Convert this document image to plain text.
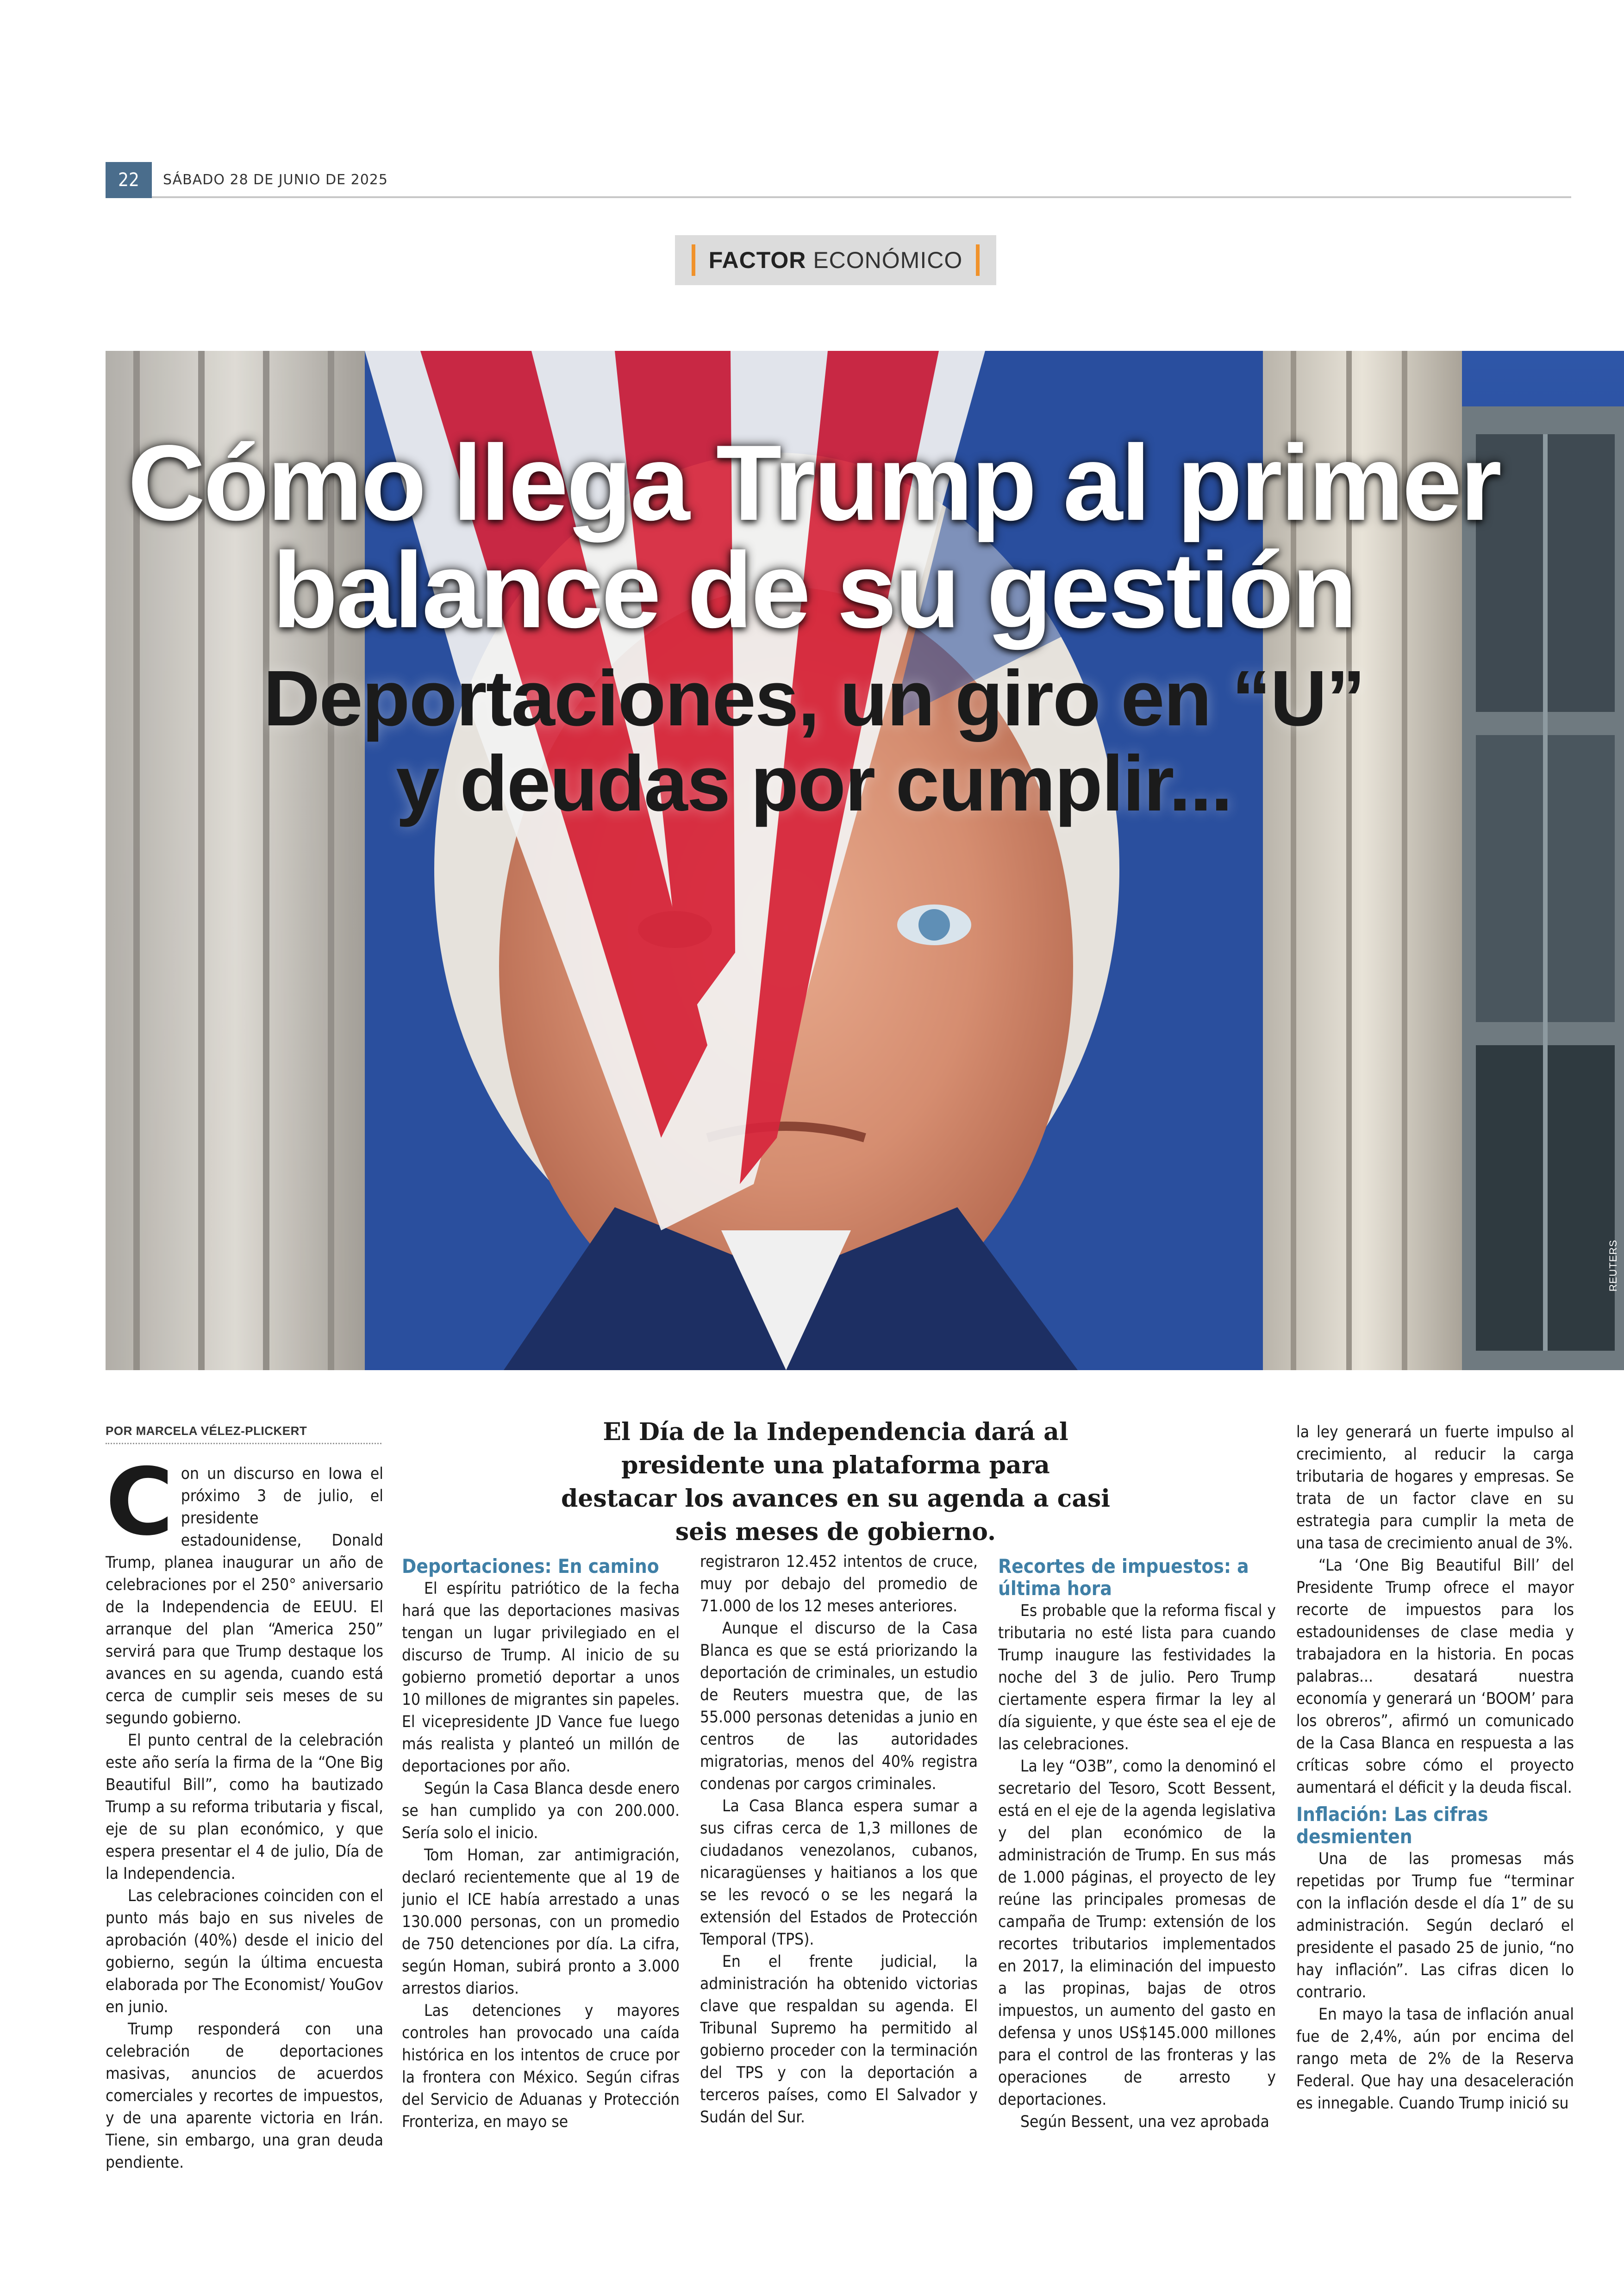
22	SÁBADO 28 DE JUNIO DE 2025
FACTOR ECONÓMICO
Cómo llega Trump al primer
balance de su gestión
Deportaciones, un giro en “U”
y deudas por cumplir...
REUTERS
POR MARCELA VÉLEZ-PLICKERT	El Día de la Independencia dará al presidente una plataforma para destacar los avances en su agenda a casi seis meses de gobierno.

Con un discurso en Iowa el próximo 3 de julio, el presidente estadounidense, Donald Trump, planea inaugurar un año de celebraciones por el 250° aniversario de la Independencia de EEUU. El arranque del plan “America 250” servirá para que Trump destaque los avances en su agenda, cuando está cerca de cumplir seis meses de su segundo gobierno.

El punto central de la celebración este año sería la firma de la “One Big Beautiful Bill”, como ha bautizado Trump a su reforma tributaria y fiscal, eje de su plan económico, y que espera presentar el 4 de julio, Día de la Independencia.

Las celebraciones coinciden con el punto más bajo en sus niveles de aprobación (40%) desde el inicio del gobierno, según la última encuesta elaborada por The Economist/ YouGov en junio.

Trump responderá con una celebración de deportaciones masivas, anuncios de acuerdos comerciales y recortes de impuestos, y de una aparente victoria en Irán. Tiene, sin embargo, una gran deuda pendiente.

Deportaciones: En camino

El espíritu patriótico de la fecha hará que las deportaciones masivas tengan un lugar privilegiado en el discurso de Trump. Al inicio de su gobierno prometió deportar a unos 10 millones de migrantes sin papeles. El vicepresidente JD Vance fue luego más realista y planteó un millón de deportaciones por año.

Según la Casa Blanca desde enero se han cumplido ya con 200.000. Sería solo el inicio.

Tom Homan, zar antimigración, declaró recientemente que al 19 de junio el ICE había arrestado a unas 130.000 personas, con un promedio de 750 detenciones por día. La cifra, según Homan, subirá pronto a 3.000 arrestos diarios.

Las detenciones y mayores controles han provocado una caída histórica en los intentos de cruce por la frontera con México. Según cifras del Servicio de Aduanas y Protección Fronteriza, en mayo se

registraron 12.452 intentos de cruce, muy por debajo del promedio de 71.000 de los 12 meses anteriores.

Aunque el discurso de la Casa Blanca es que se está priorizando la deportación de criminales, un estudio de Reuters muestra que, de las 55.000 personas detenidas a junio en centros de las autoridades migratorias, menos del 40% registra condenas por cargos criminales.

La Casa Blanca espera sumar a sus cifras cerca de 1,3 millones de ciudadanos venezolanos, cubanos, nicaragüenses y haitianos a los que se les revocó o se les negará la extensión del Estados de Protección Temporal (TPS).

En el frente judicial, la administración ha obtenido victorias clave que respaldan su agenda. El Tribunal Supremo ha permitido al gobierno proceder con la terminación del TPS y con la deportación a terceros países, como El Salvador y Sudán del Sur.

Recortes de impuestos: a última hora

Es probable que la reforma fiscal y tributaria no esté lista para cuando Trump inaugure las festividades la noche del 3 de julio. Pero Trump ciertamente espera firmar la ley al día siguiente, y que éste sea el eje de las celebraciones.

La ley “O3B”, como la denominó el secretario del Tesoro, Scott Bessent, está en el eje de la agenda legislativa y del plan económico de la administración de Trump. En sus más de 1.000 páginas, el proyecto de ley reúne las principales promesas de campaña de Trump: extensión de los recortes tributarios implementados en 2017, la eliminación del impuesto a las propinas, bajas de otros impuestos, un aumento del gasto en defensa y unos US$145.000 millones para el control de las fronteras y las operaciones de arresto y deportaciones.

Según Bessent, una vez aprobada

la ley generará un fuerte impulso al crecimiento, al reducir la carga tributaria de hogares y empresas. Se trata de un factor clave en su estrategia para cumplir la meta de una tasa de crecimiento anual de 3%.

“La ‘One Big Beautiful Bill’ del Presidente Trump ofrece el mayor recorte de impuestos para los estadounidenses de clase media y trabajadora en la historia. En pocas palabras... desatará nuestra economía y generará un ‘BOOM’ para los obreros”, afirmó un comunicado de la Casa Blanca en respuesta a las críticas sobre cómo el proyecto aumentará el déficit y la deuda fiscal.

Inflación: Las cifras desmienten

Una de las promesas más repetidas por Trump fue “terminar con la inflación desde el día 1” de su administración. Según declaró el presidente el pasado 25 de junio, “no hay inflación”. Las cifras dicen lo contrario.

En mayo la tasa de inflación anual fue de 2,4%, aún por encima del rango meta de 2% de la Reserva Federal. Que hay una desaceleración es innegable. Cuando Trump inició su
